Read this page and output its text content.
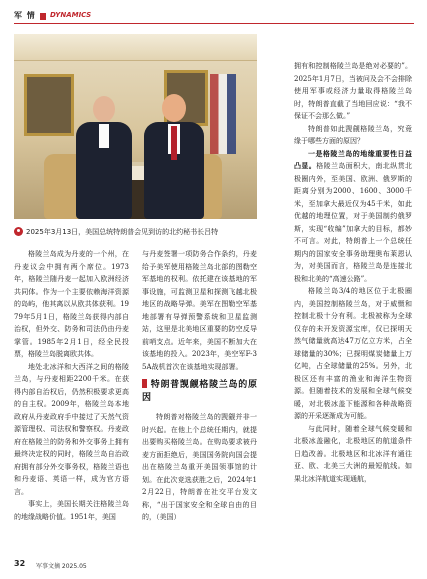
军 情 DYNAMICS
2025年3月13日，美国总统特朗普会见到访的北约秘书长吕特

格陵兰岛成为丹麦的一个州，在丹麦议会中拥有两个席位。1973年，格陵兰随丹麦一起加入欧洲经济共同体。作为一个主要依赖海洋资源的岛屿，他其离以从欧共体获利。1979年5月1日，格陵兰岛获得内部自治权，但外交、防务和司法仍由丹麦掌管。1985年2月1日，经全民投票，格陵兰岛脱离欧共体。

地处北冰洋和大西洋之间的格陵兰岛，与丹麦相距2200千米。在获得内部自治权后，仍然积极要求更高的自主权。2009年，格陵兰岛本地政府从丹麦政府手中接过了天然气资源管理权、司法权和警察权。丹麦政府在格陵兰的防务和外交事务上拥有最终决定权的同时，格陵兰岛自治政府拥有部分外交事务权，格陵兰语也和丹麦语、英语一样，成为官方语言。

事实上，美国长期关注格陵兰岛的地缘战略价值。1951年，美国

与丹麦签署一项防务合作条约，丹麦给予美军使用格陵兰岛北部的图勒空军基地的权利。依托建在该基地的军事设施，可监测卫星和探测飞越北极地区的战略导弹。美军在图勒空军基地部署有导弹预警系统和卫星监测站，这里是北美地区重要的防空反导前哨支点。近年来，美国不断加大在该基地的投入。2023年，美空军F-35A战机首次在该基地实现部署。

特朗普觊觎格陵兰岛的原因

特朗普对格陵兰岛的觊觎并非一时兴起。在他上个总统任期内，就提出要购买格陵兰岛。在购岛要求被丹麦方面拒绝后，美国国务院向国会提出在格陵兰岛重开美国领事馆的计划。在此次竞选获胜之后，2024年12月22日，特朗普在社交平台发文称，“出于国家安全和全球自由的目的，（美国）

拥有和控制格陵兰岛是绝对必要的”。2025年1月7日，当被问及会不会排除使用军事或经济力量取得格陵兰岛时，特朗普直截了当地回应说：“我不保证不会那么做。”

特朗普如此觊觎格陵兰岛，究竟缘于哪些方面的原因？

一是格陵兰岛的地缘重要性日益凸显。格陵兰岛面积大，南北纵贯北极圈内外，至美国、欧洲、俄罗斯的距离分别为2000、1600、3000千米，至加拿大最近仅为45千米，如此优越的地理位置，对于美国制约俄罗斯，实现“收编”加拿大的目标，都妙不可言。对此，特朗普上一个总统任期内的国家安全事务助理奥布莱恩认为，对美国而言，格陵兰岛是连接北极和北美的“高速公路”。

格陵兰岛3/4的地区位于北极圈内，美国控制格陵兰岛，对于威慑和控制北极十分有利。北极被称为全球仅存的未开发资源宝库，仅已探明天然气储量就高达47万亿立方米，占全球储量的30%；已探明煤炭储量上万亿吨，占全球储量的25%。另外，北极区还有丰富的渔业和海洋生物资源。但随着技术的发展和全球气候变暖，对北极冰盖下能源和各种战略资源的开采逐渐成为可能。

与此同时，随着全球气候变暖和北极冰盖融化，北极地区的航道条件日趋改善。北极地区和北冰洋有通往亚、欧、北美三大洲的最短航线。如果北冰洋航道实现通航，

32 军事文摘 2025.05
